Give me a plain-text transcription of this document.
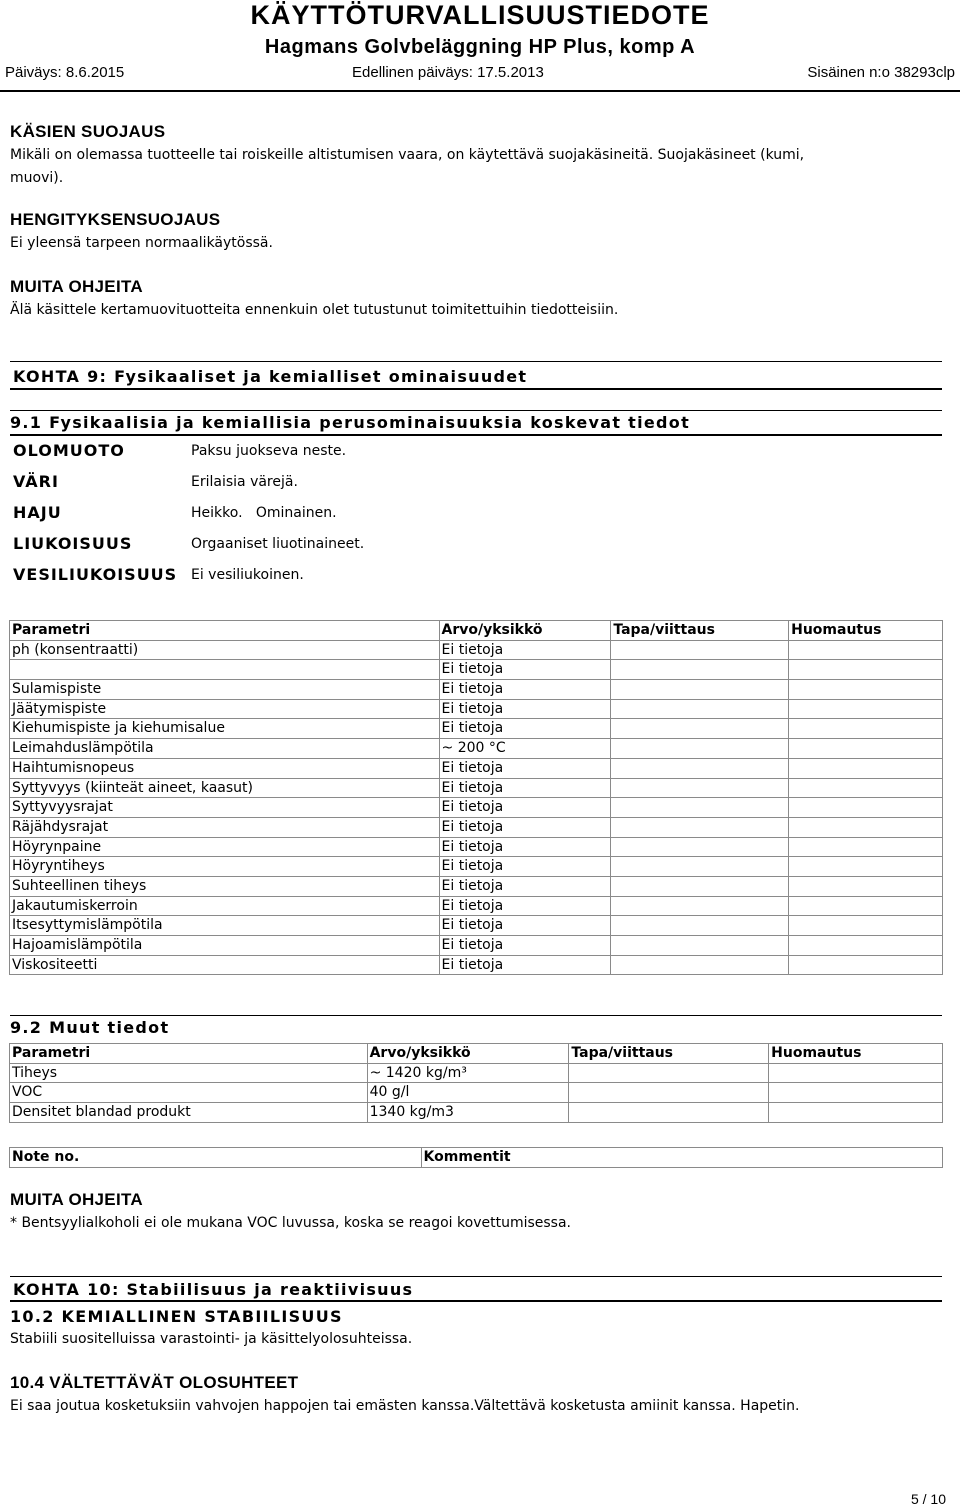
KÄYTTÖTURVALLISUUSTIEDOTE
Hagmans Golvbeläggning HP Plus, komp A
Päiväys: 8.6.2015	Edellinen päiväys: 17.5.2013	Sisäinen n:o 38293clp
KÄSIEN SUOJAUS
Mikäli on olemassa tuotteelle tai roiskeille altistumisen vaara, on käytettävä suojakäsineitä. Suojakäsineet (kumi,
muovi).
HENGITYKSENSUOJAUS
Ei yleensä tarpeen normaalikäytössä.
MUITA OHJEITA
Älä käsittele kertamuovituotteita ennenkuin olet tutustunut toimitettuihin tiedotteisiin.
KOHTA 9: Fysikaaliset ja kemialliset ominaisuudet
9.1 Fysikaalisia ja kemiallisia perusominaisuuksia koskevat tiedot
OLOMUOTO	Paksu juokseva neste.
VÄRI	Erilaisia värejä.
HAJU	Heikko.   Ominainen.
LIUKOISUUS	Orgaaniset liuotinaineet.
VESILIUKOISUUS Ei vesiliukoinen.
Parametri	Arvo/yksikkö	Tapa/viittaus	Huomautus
ph (konsentraatti)	Ei tietoja		
	Ei tietoja		
Sulamispiste	Ei tietoja		
Jäätymispiste	Ei tietoja		
Kiehumispiste ja kiehumisalue	Ei tietoja		
Leimahduslämpötila	~ 200 °C		
Haihtumisnopeus	Ei tietoja		
Syttyvyys (kiinteät aineet, kaasut)	Ei tietoja		
Syttyvyysrajat	Ei tietoja		
Räjähdysrajat	Ei tietoja		
Höyrynpaine	Ei tietoja		
Höyryntiheys	Ei tietoja		
Suhteellinen tiheys	Ei tietoja		
Jakautumiskerroin	Ei tietoja		
Itsesyttymislämpötila	Ei tietoja		
Hajoamislämpötila	Ei tietoja		
Viskositeetti	Ei tietoja		
9.2 Muut tiedot
Parametri	Arvo/yksikkö	Tapa/viittaus	Huomautus
Tiheys	~ 1420 kg/m³		
VOC	40 g/l		
Densitet blandad produkt	1340 kg/m3		
Note no.	Kommentit
MUITA OHJEITA
* Bentsyylialkoholi ei ole mukana VOC luvussa, koska se reagoi kovettumisessa.
KOHTA 10: Stabiilisuus ja reaktiivisuus
10.2 KEMIALLINEN STABIILISUUS
Stabiili suositelluissa varastointi- ja käsittelyolosuhteissa.
10.4 VÄLTETTÄVÄT OLOSUHTEET
Ei saa joutua kosketuksiin vahvojen happojen tai emästen kanssa.Vältettävä kosketusta amiinit kanssa. Hapetin.
5 / 10
